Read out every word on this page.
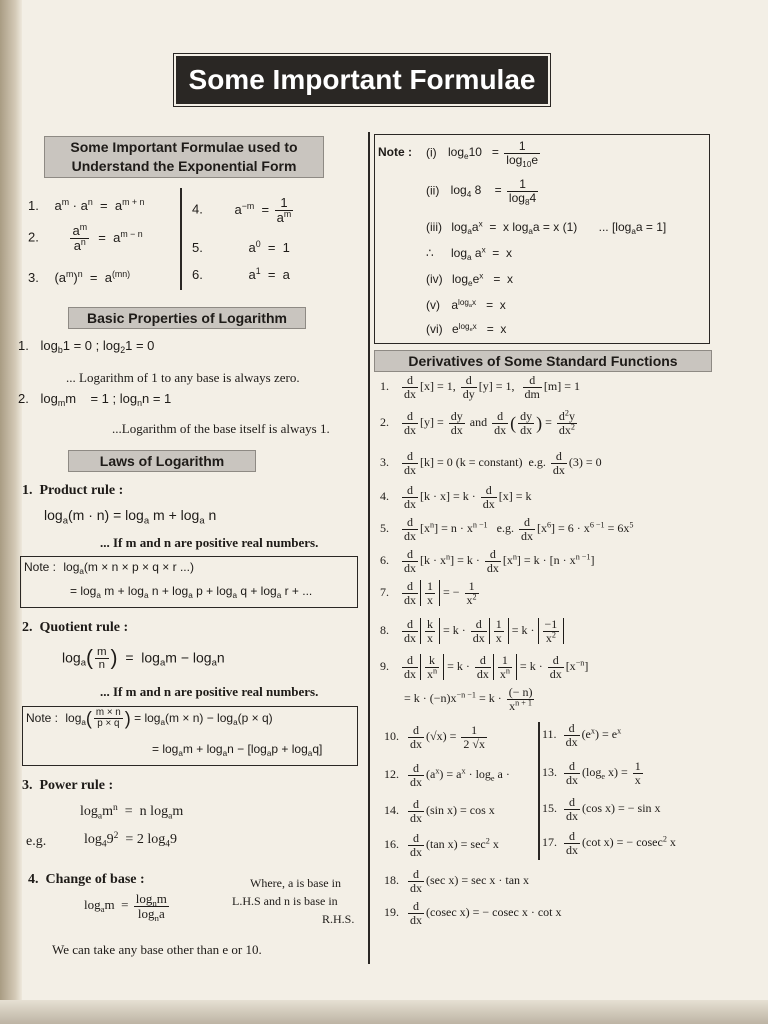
Some Important Formulae
Some Important Formulae used to
Understand the Exponential Form
1. $a^m \cdot a^n = a^{m + n}$
2. $\frac{a^m}{a^n} = a^{m - n}$
3. $(a^m)^n = a^{(mn)}$
4. $a^{-m} = \frac{1}{a^m}$
5.	$a^0 = 1$
6.	$a^1 = a$
Basic Properties of Logarithm
1. $\log_b1 = 0$ ; $\log_21 = 0$
... Logarithm of 1 to any base is always zero.
2. $\log_mm$    = 1 ; $\log_nn = 1$
...Logarithm of the base itself is always 1.
Laws of Logarithm
1.  Product rule :
$\log_a(m \cdot n) = \log_a m + \log_a n$
... If m and n are positive real numbers.
Note : $\log_a(m \times n \times p \times q \times r$ ...)
= $\log_a m + \log_a n + \log_a p + \log_a q + \log_a r$ + ...
2.  Quotient rule :
$\log_a( \frac{m}{n}$ )  =  $\log_am - \log_an$
... If m and n are positive real numbers.
Note : $\log_a( \frac{m \times n}{p \times q}$ ) = $\log_a(m \times n) - \log_a(p \times q)$
= $\log_am + \log_an - [\log_ap + \log_aq]$
3.  Power rule :
$\log_am^n = n$ $\log_am$
e.g.	$\log_49^2 = 2$ $\log_49$
4.  Change of base :
$\log_am = \frac{\log_nm}{\log_na}$
Where, a is base in
L.H.S and n is base in
R.H.S.
We can take any base other than e or 10.
Note : (i) $\log_e10 = \frac{1}{\log_{10}e}$
(ii) $\log_4 8$    = $\frac{1}{\log_84}$
(iii) $\log_aa^x = x$ $\log_aa = x$ (1) ... $[\log_aa = 1]$
∴ $\log_a a^x = x$
(iv) $\log_ee^x = x$
(v) $a^{log_ax} = x$
(vi) $e^{log_ex} = x$
Derivatives of Some Standard Functions
1. $\frac{d}{dx} [x] = 1$, $\frac{d}{dy} [y] = 1$, $\frac{d}{dm} [m] = 1$
2. $\frac{d}{dx} [y] = \frac{dy}{dx}$ and $\frac{d}{dx}$ ( $\frac{dy}{dx}$ ) = $\frac{d^2y}{dx^2}$
3. $\frac{d}{dx} [k] = 0$ (k = constant)  e.g. $\frac{d}{dx} (3) = 0$
4. $\frac{d}{dx} [k \cdot x] = k \cdot \frac{d}{dx} [x] = k$
5. $\frac{d}{dx} [x^n] = n \cdot x^{n -1}$   e.g. $\frac{d}{dx} [x^6] = 6 \cdot x^{6 -1} = 6x^5$
6. $\frac{d}{dx} [k \cdot x^n] = k \cdot \frac{d}{dx} [x^n] = k \cdot [n \cdot x^{n -1}]$
7. $\frac{d}{dx} \frac{1}{x}$ = − $\frac{1}{x^2}$
8. $\frac{d}{dx} \frac{k}{x} = k \cdot \frac{d}{dx} \frac{1}{x} = k \cdot \frac{-1}{x^2}$
9. $\frac{d}{dx} \frac{k}{x^n} = k \cdot \frac{d}{dx} \frac{1}{x^n} = k \cdot \frac{d}{dx} [x^{-n}]$
= $k \cdot (-n)x^{-n -1} = k \cdot \frac{(- n)}{x^{n + 1}}$
10. $\frac{d}{dx} (√x) = \frac{1}{2 √x}$	11. $\frac{d}{dx} (e^x) = e^x$
12. $\frac{d}{dx} (a^x) = a^x \cdot \log_e a$ ·	13. $\frac{d}{dx} (\log_e$ $x) = \frac{1}{x}$
14. $\frac{d}{dx} (\sin$ x) = cos x	15. $\frac{d}{dx} (\cos$ x) = − sin x
16. $\frac{d}{dx} (\tan$ $x) = \sec^2 x$	17. $\frac{d}{dx} (\cot$ x) = − cosec$^2$ x
18. $\frac{d}{dx} (\sec$ x) = sec x · tan x
19. $\frac{d}{dx} (cosec$ x) = − cosec x · cot x
